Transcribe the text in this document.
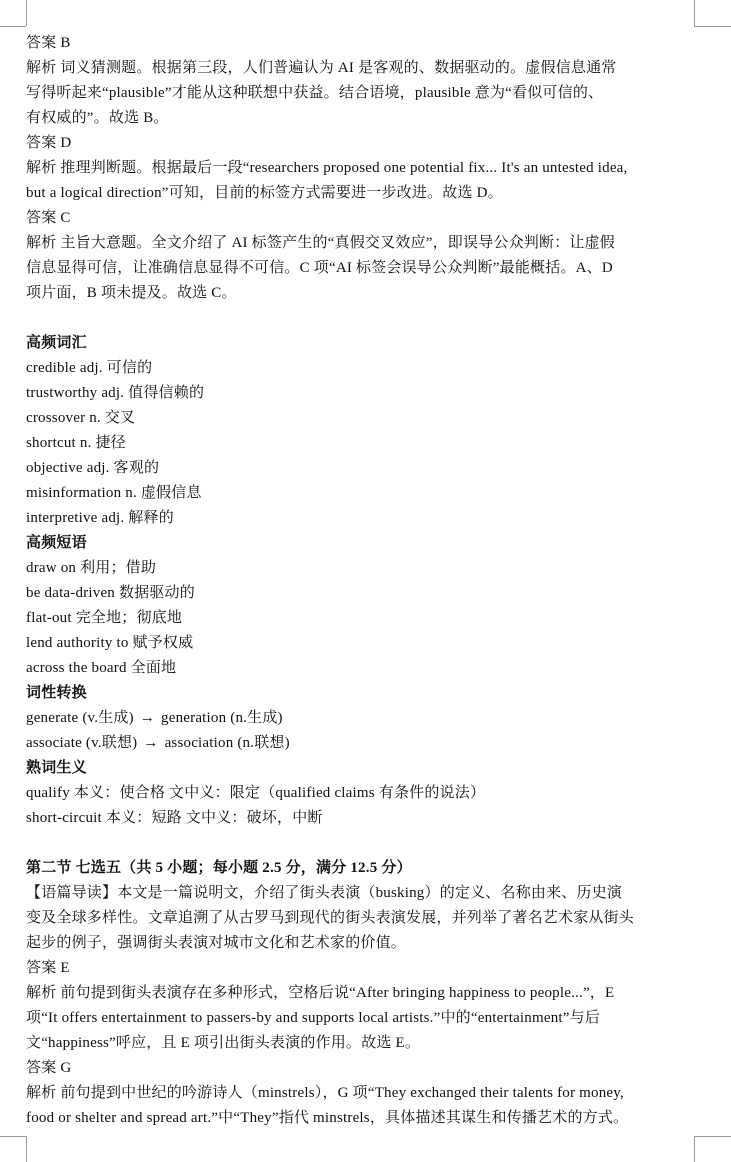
答案 B
解析 词义猜测题。根据第三段，人们普遍认为 AI 是客观的、数据驱动的。虚假信息通常
写得听起来“plausible”才能从这种联想中获益。结合语境，plausible 意为“看似可信的、
有权威的”。故选 B。
答案 D
解析 推理判断题。根据最后一段“researchers proposed one potential fix... It's an untested idea,
but a logical direction”可知，目前的标签方式需要进一步改进。故选 D。
答案 C
解析 主旨大意题。全文介绍了 AI 标签产生的“真假交叉效应”，即误导公众判断：让虚假
信息显得可信，让准确信息显得不可信。C 项“AI 标签会误导公众判断”最能概括。A、D
项片面，B 项未提及。故选 C。
高频词汇
credible adj. 可信的
trustworthy adj. 值得信赖的
crossover n. 交叉
shortcut n. 捷径
objective adj. 客观的
misinformation n. 虚假信息
interpretive adj. 解释的
高频短语
draw on 利用；借助
be data-driven 数据驱动的
flat-out 完全地；彻底地
lend authority to 赋予权威
across the board 全面地
词性转换
generate (v.生成) → generation (n.生成)
associate (v.联想) → association (n.联想)
熟词生义
qualify 本义：使合格 文中义：限定（qualified claims 有条件的说法）
short-circuit 本义：短路 文中义：破坏，中断
第二节 七选五（共 5 小题；每小题 2.5 分，满分 12.5 分）
【语篇导读】本文是一篇说明文，介绍了街头表演（busking）的定义、名称由来、历史演
变及全球多样性。文章追溯了从古罗马到现代的街头表演发展，并列举了著名艺术家从街头
起步的例子，强调街头表演对城市文化和艺术家的价值。
答案 E
解析 前句提到街头表演存在多种形式，空格后说“After bringing happiness to people...”，E
项“It offers entertainment to passers-by and supports local artists.”中的“entertainment”与后
文“happiness”呼应，且 E 项引出街头表演的作用。故选 E。
答案 G
解析 前句提到中世纪的吟游诗人（minstrels），G 项“They exchanged their talents for money,
food or shelter and spread art.”中“They”指代 minstrels，具体描述其谋生和传播艺术的方式。
